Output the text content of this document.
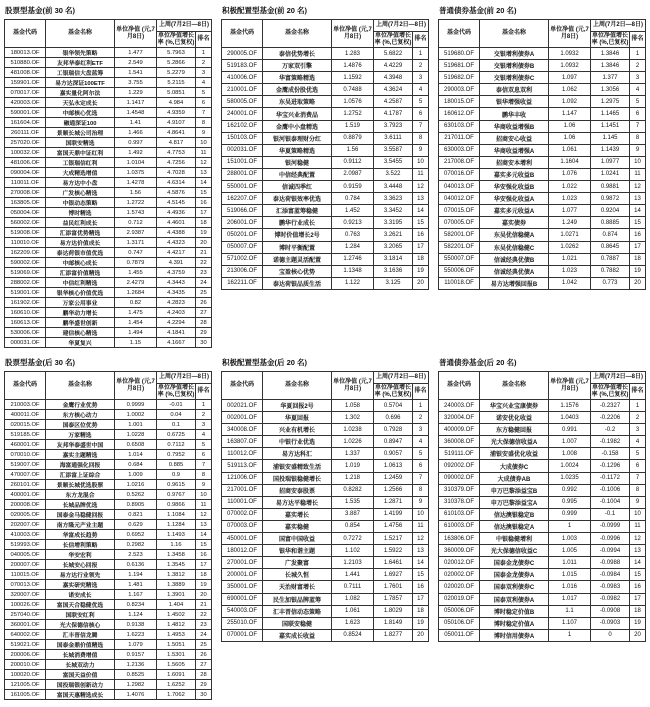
股票型基金(前 30 名)
基金代码	基金名称	单位净值 (元,7月8日)	上周(7月2日—8日)	
			单位净值增长率 (%,已复权)	排名
180013.OF	银华领先策略	1.477	5.7963	1
510880.OF	友邦华泰红利ETF	2.549	5.2866	2
481008.OF	工银瑞信大盘蓝筹	1.541	5.2279	3
159901.OF	易方达深证100ETF	3.755	5.2115	4
070017.OF	嘉实量化阿尔法	1.229	5.0851	5
420003.OF	天弘永定成长	1.1417	4.984	6
590001.OF	中邮核心优选	1.4548	4.9359	7
161604.OF	融通深证100	1.41	4.9107	8
260111.OF	景顺长城公司治理	1.466	4.8641	9
257020.OF	国联安精选	0.997	4.817	10
100032.OF	富国天鼎中证红利	1.492	4.7753	11
481006.OF	工银瑞信红利	1.0104	4.7256	12
090004.OF	大成精选增值	1.0375	4.7028	13
110011.OF	易方达中小盘	1.4278	4.6314	14
270008.OF	广发核心精选	1.56	4.5876	15
163805.OF	中银动态策略	1.2722	4.5145	16
050004.OF	博时精选	1.5743	4.4936	17
560002.OF	益民红利成长	0.712	4.4601	18
519008.OF	汇添富优势精选	2.9387	4.4388	19
110010.OF	易方达价值成长	1.3171	4.4323	20
162209.OF	泰达荷银市值优选	0.747	4.4217	21
590002.OF	中邮核心成长	0.7879	4.391	22
519069.OF	汇添富价值精选	1.455	4.3759	23
288002.OF	中信红利精选	2.4279	4.3443	24
519001.OF	银华核心价值优选	1.2684	4.3435	25
161902.OF	万家公用事业	0.82	4.2823	26
160610.OF	鹏华动力增长	1.475	4.2403	27
160613.OF	鹏华盛世创新	1.454	4.2294	28
530006.OF	建信核心精选	1.494	4.1841	29
000031.OF	华夏复兴	1.15	4.1667	30
积极配置型基金(前 20 名)
基金代码	基金名称	单位净值 (元,7月8日)	上周(7月2日—8日)	
			单位净值增长率 (%,已复权)	排名
290005.OF	泰信优势增长	1.283	5.6822	1
519183.OF	万家双引擎	1.4876	4.4229	2
410006.OF	华富策略精选	1.1592	4.3948	3
210001.OF	金鹰成份股优选	0.7488	4.3624	4
580005.OF	东吴进取策略	1.0576	4.2587	5
240001.OF	华宝兴业消费品	1.2752	4.1787	6
162102.OF	金鹰中小盘精选	1.519	3.7923	7
150103.OF	银河银泰理财分红	0.8879	3.6111	8
002031.OF	华夏策略精选	1.56	3.5587	9
151001.OF	银河稳健	0.9112	3.5455	10
288001.OF	中信经典配置	2.0987	3.522	11
550001.OF	信诚四季红	0.9159	3.4448	12
162207.OF	泰达荷银效率优选	0.784	3.3623	13
519066.OF	汇添富蓝筹稳健	1.452	3.3452	14
206001.OF	鹏华行业成长	0.9213	3.3195	15
050201.OF	博时价值增长2号	0.763	3.2621	16
050007.OF	博时平衡配置	1.284	3.2065	17
571002.OF	诺德主题灵活配置	1.2746	3.1814	18
213006.OF	宝盈核心优势	1.1348	3.1636	19
162211.OF	泰达荷银品质生活	1.122	3.125	20
普通债券基金(前 20 名)
基金代码	基金名称	单位净值 (元,7月8日)	上周(7月2日—8日)	
			单位净值增长率 (%,已复权)	排名
519680.OF	交银增利债券A	1.0932	1.3846	1
519681.OF	交银增利债券B	1.0932	1.3846	2
519682.OF	交银增利债券C	1.097	1.377	3
290003.OF	泰信双息双利	1.062	1.3056	4
180015.OF	银华增强收益	1.092	1.2975	5
160612.OF	鹏华丰收	1.147	1.1465	6
630103.OF	华商收益增强B	1.06	1.1451	7
217011.OF	招商安心收益	1.06	1.145	8
630003.OF	华商收益增强A	1.061	1.1439	9
217008.OF	招商安本增利	1.1604	1.0977	10
070016.OF	嘉实多元收益B	1.076	1.0241	11
040013.OF	华安强化收益B	1.022	0.9881	12
040012.OF	华安强化收益A	1.023	0.9872	13
070015.OF	嘉实多元收益A	1.077	0.9204	14
070005.OF	嘉实债券	1.249	0.8885	15
582001.OF	东吴优信稳健A	1.0271	0.874	16
582201.OF	东吴优信稳健C	1.0262	0.8645	17
550007.OF	信诚经典优债B	1.021	0.7887	18
550006.OF	信诚经典优债A	1.023	0.7882	19
110018.OF	易方达增强回报B	1.042	0.773	20
股票型基金(后 30 名)
基金代码	基金名称	单位净值 (元,7月8日)	上周(7月2日—8日)	
			单位净值增长率 (%,已复权)	排名
210003.OF	金鹰行业优势	0.9999	-0.01	1
400011.OF	东方核心动力	1.0002	0.04	2
020015.OF	国泰区位优势	1.001	0.1	3
519185.OF	万家精选	1.0228	0.6725	4
460001.OF	友邦华泰盛世中国	0.6508	0.7112	5
070010.OF	嘉实主题精选	1.014	0.7952	6
519007.OF	海富通强化回报	0.684	0.885	7
470007.OF	汇添富上证综合	1.009	0.9	8
260101.OF	景顺长城优选股票	1.0216	0.9615	9
400001.OF	东方龙混合	0.5262	0.9767	10
200008.OF	长城品牌优选	0.8905	0.9866	11
020005.OF	国泰金马稳健回报	0.821	1.1084	12
202007.OF	南方隆元产业主题	0.629	1.1284	13
410003.OF	华富成长趋势	0.6952	1.1493	14
519993.OF	长信增利策略	0.2982	1.16	15
040005.OF	华安宏利	2.523	1.3458	16
200007.OF	长城安心回报	0.6136	1.3545	17
110015.OF	易方达行业领先	1.194	1.3812	18
070013.OF	嘉实研究精选	1.481	1.3889	19
320007.OF	诺安成长	1.167	1.3901	20
100026.OF	富国天合稳健优选	0.8234	1.404	21
257040.OF	国联安红利	1.124	1.4502	22
360001.OF	光大保德信核心	0.9138	1.4812	23
640002.OF	汇丰晋信龙腾	1.6223	1.4953	24
519021.OF	国泰金鼎价值精选	1.079	1.5051	25
200006.OF	长城消费增值	0.9157	1.5301	26
200010.OF	长城双动力	1.2136	1.5605	27
100020.OF	富国天益价值	0.8525	1.6091	28
121005.OF	国投瑞银创新动力	1.2982	1.6252	29
161005.OF	富国天惠精选成长	1.4076	1.7062	30
积极配置型基金(后 20 名)
基金代码	基金名称	单位净值 (元,7月8日)	上周(7月2日—8日)	
			单位净值增长率 (%,已复权)	排名
002021.OF	华夏回报2号	1.058	0.5704	1
002001.OF	华夏回报	1.302	0.696	2
340008.OF	兴业有机增长	1.0238	0.7928	3
163807.OF	中银行业优选	1.0226	0.8947	4
110012.OF	易方达科汇	1.337	0.9057	5
519113.OF	浦银安盛精致生活	1.019	1.0613	6
121006.OF	国投瑞银稳健增长	1.218	1.2459	7
217001.OF	招商安泰股票	0.8282	1.2566	8
110001.OF	易方达平稳增长	1.535	1.2871	9
070002.OF	嘉实增长	3.887	1.4199	10
070003.OF	嘉实稳健	0.854	1.4756	11
450001.OF	国富中国收益	0.7272	1.5217	12
180012.OF	银华和谐主题	1.102	1.5922	13
270001.OF	广发聚富	1.2103	1.6461	14
200001.OF	长城久恒	1.441	1.6927	15
350001.OF	天治财富增长	0.7111	1.7601	16
690001.OF	民生加银品牌蓝筹	1.082	1.7857	17
540003.OF	汇丰晋信动态策略	1.061	1.8029	18
255010.OF	国联安稳健	1.623	1.8149	19
070001.OF	嘉实成长收益	0.8524	1.8277	20
普通债券基金(后 20 名)
基金代码	基金名称	单位净值 (元,7月8日)	上周(7月2日—8日)	
			单位净值增长率 (%,已复权)	排名
240003.OF	华宝兴业宝康债券	1.1576	-0.2327	1
320004.OF	诺安优化收益	1.0403	-0.2206	2
400009.OF	东方稳健回报	0.991	-0.2	3
360008.OF	光大保德信收益A	1.007	-0.1982	4
519111.OF	浦银安盛优化收益	1.008	-0.158	5
092002.OF	大成债券C	1.0024	-0.1296	6
090002.OF	大成债券AB	1.0235	-0.1172	7
310379.OF	申万巴黎添益宝B	0.992	-0.1006	8
310378.OF	申万巴黎添益宝A	0.995	-0.1004	9
610103.OF	信达澳银稳定B	0.999	-0.1	10
610003.OF	信达澳银稳定A	1	-0.0999	11
163806.OF	中银稳健增利	1.003	-0.0996	12
360009.OF	光大保德信收益C	1.005	-0.0994	13
020012.OF	国泰金龙债券C	1.011	-0.0988	14
020002.OF	国泰金龙债券A	1.015	-0.0984	15
020020.OF	国泰双利债券C	1.016	-0.0983	16
020019.OF	国泰双利债券A	1.017	-0.0982	17
050006.OF	博时稳定价值B	1.1	-0.0908	18
050106.OF	博时稳定价值A	1.107	-0.0903	19
050011.OF	博时信用债券A	1	0	20
